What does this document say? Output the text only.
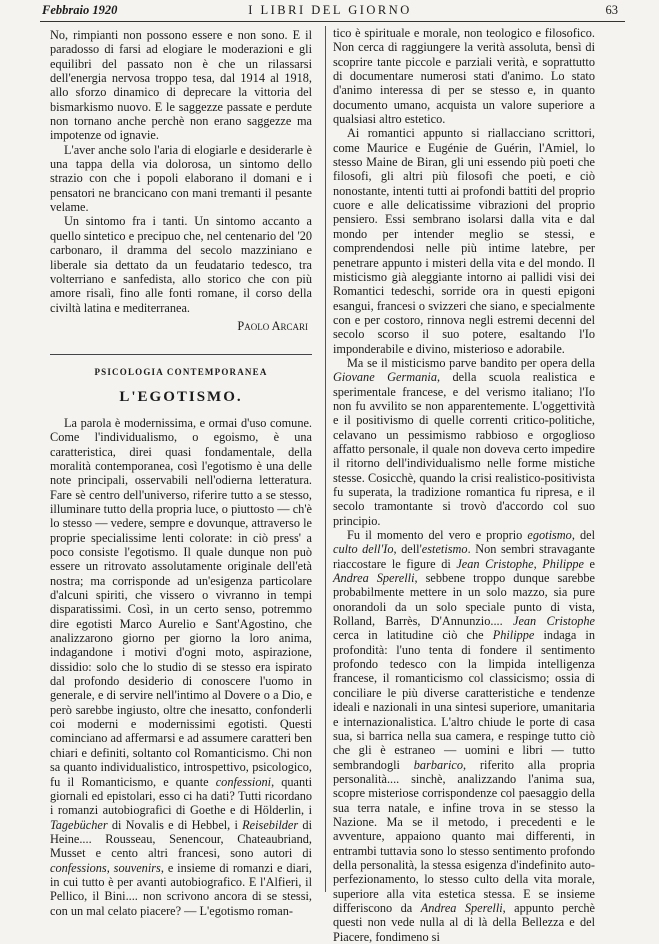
Febbraio 1920	I LIBRI DEL GIORNO	63

No, rimpianti non possono essere e non sono. E il paradosso di farsi ad elogiare le moderazioni e gli equilibri del passato non è che un rilassarsi dell'energia nervosa troppo tesa, dal 1914 al 1918, allo sforzo dinamico di deprecare la vittoria del bismarkismo nuovo. E le saggezze passate e perdute non tornano anche perchè non erano saggezze ma impotenze od ignavie.

L'aver anche solo l'aria di elogiarle e desiderarle è una tappa della via dolorosa, un sintomo dello strazio con che i popoli elaborano il domani e i pensatori ne brancicano con mani tremanti il pesante velame.

Un sintomo fra i tanti. Un sintomo accanto a quello sintetico e precipuo che, nel centenario del '20 carbonaro, il dramma del secolo mazziniano e liberale sia dettato da un feudatario tedesco, tra volterriano e sanfedista, allo storico che con più amore risalì, fino alle fonti romane, il corso della civiltà latina e mediterranea.

Paolo Arcari
PSICOLOGIA CONTEMPORANEA
L'EGOTISMO.

La parola è modernissima, e ormai d'uso comune. Come l'individualismo, o egoismo, è una caratteristica, direi quasi fondamentale, della moralità contemporanea, così l'egotismo è una delle note principali, osservabili nell'odierna letteratura. Fare sè centro dell'universo, riferire tutto a se stesso, illuminare tutto della propria luce, o piuttosto — ch'è lo stesso — vedere, sempre e dovunque, attraverso le proprie specialissime lenti colorate: in ciò press' a poco consiste l'egotismo. Il quale dunque non può essere un ritrovato assolutamente originale dell'età nostra; ma corrisponde ad un'esigenza particolare d'alcuni spiriti, che vissero o vivranno in tempi disparatissimi. Così, in un certo senso, potremmo dire egotisti Marco Aurelio e Sant'Agostino, che analizzarono giorno per giorno la loro anima, indagandone i motivi d'ogni moto, aspirazione, dissidio: solo che lo studio di se stesso era ispirato dal profondo desiderio di conoscere l'uomo in generale, e di servire nell'intimo al Dovere o a Dio, e però sarebbe ingiusto, oltre che inesatto, confonderli coi moderni e modernissimi egotisti. Questi cominciano ad affermarsi e ad assumere caratteri ben chiari e definiti, soltanto col Romanticismo. Chi non sa quanto individualistico, introspettivo, psicologico, fu il Romanticismo, e quante confessioni, quanti giornali ed epistolari, esso ci ha dati? Tutti ricordano i romanzi autobiografici di Goethe e di Hölderlin, i Tagebücher di Novalis e di Hebbel, i Reisebilder di Heine.... Rousseau, Senencour, Chateaubriand, Musset e cento altri francesi, sono autori di confessions, souvenirs, e insieme di romanzi e diari, in cui tutto è per avanti autobiografico. E l'Alfieri, il Pellico, il Bini.... non scrivono ancora di se stessi, con un mal celato piacere? — L'egotismo roman-

tico è spirituale e morale, non teologico e filosofico. Non cerca di raggiungere la verità assoluta, bensì di scoprire tante piccole e parziali verità, e soprattutto di documentare numerosi stati d'animo. Lo stato d'animo interessa di per se stesso e, in quanto documento umano, acquista un valore superiore a qualsiasi altro estetico.

Ai romantici appunto si riallacciano scrittori, come Maurice e Eugénie de Guérin, l'Amiel, lo stesso Maine de Biran, gli uni essendo più poeti che filosofi, gli altri più filosofi che poeti, e ciò nonostante, intenti tutti ai profondi battiti del proprio cuore e alle delicatissime vibrazioni del proprio pensiero. Essi sembrano isolarsi dalla vita e dal mondo per intender meglio se stessi, e comprendendosi nelle più intime latebre, per penetrare appunto i misteri della vita e del mondo. Il misticismo già aleggiante intorno ai pallidi visi dei Romantici tedeschi, sorride ora in questi epigoni esangui, francesi o svizzeri che siano, e specialmente con e per costoro, rinnova negli estremi decenni del secolo scorso il suo potere, esaltando l'Io imponderabile e divino, misterioso e adorabile.

Ma se il misticismo parve bandito per opera della Giovane Germania, della scuola realistica e sperimentale francese, e del verismo italiano; l'Io non fu avvilito se non apparentemente. L'oggettività e il positivismo di quelle correnti critico-politiche, celavano un pessimismo rabbioso e orgoglioso affatto personale, il quale non doveva certo impedire il ritorno dell'individualismo nelle forme mistiche stesse. Cosicchè, quando la crisi realistico-positivista fu superata, la tradizione romantica fu ripresa, e il secolo tramontante si trovò d'accordo col suo principio.

Fu il momento del vero e proprio egotismo, del culto dell'Io, dell'estetismo. Non sembri stravagante riaccostare le figure di Jean Cristophe, Philippe e Andrea Sperelli, sebbene troppo dunque sarebbe probabilmente mettere in un solo mazzo, sia pure onorandoli da un solo speciale punto di vista, Rolland, Barrès, D'Annunzio.... Jean Cristophe cerca in latitudine ciò che Philippe indaga in profondità: l'uno tenta di fondere il sentimento profondo tedesco con la limpida intelligenza francese, il romanticismo col classicismo; ossia di conciliare le più diverse caratteristiche e tendenze ideali e nazionali in una sintesi superiore, umanitaria e internazionalistica. L'altro chiude le porte di casa sua, si barrica nella sua camera, e respinge tutto ciò che gli è estraneo — uomini e libri — tutto sembrandogli barbarico, riferito alla propria personalità.... sinchè, analizzando l'anima sua, scopre misteriose corrispondenze col paesaggio della sua terra natale, e infine trova in se stesso la Nazione. Ma se il metodo, i precedenti e le avventure, appaiono quanto mai differenti, in entrambi tuttavia sono lo stesso sentimento profondo della personalità, la stessa esigenza d'indefinito auto-perfezionamento, lo stesso culto della vita morale, superiore alla vita estetica stessa. E se insieme differiscono da Andrea Sperelli, appunto perchè questi non vede nulla al di là della Bellezza e del Piacere, fondimeno si
